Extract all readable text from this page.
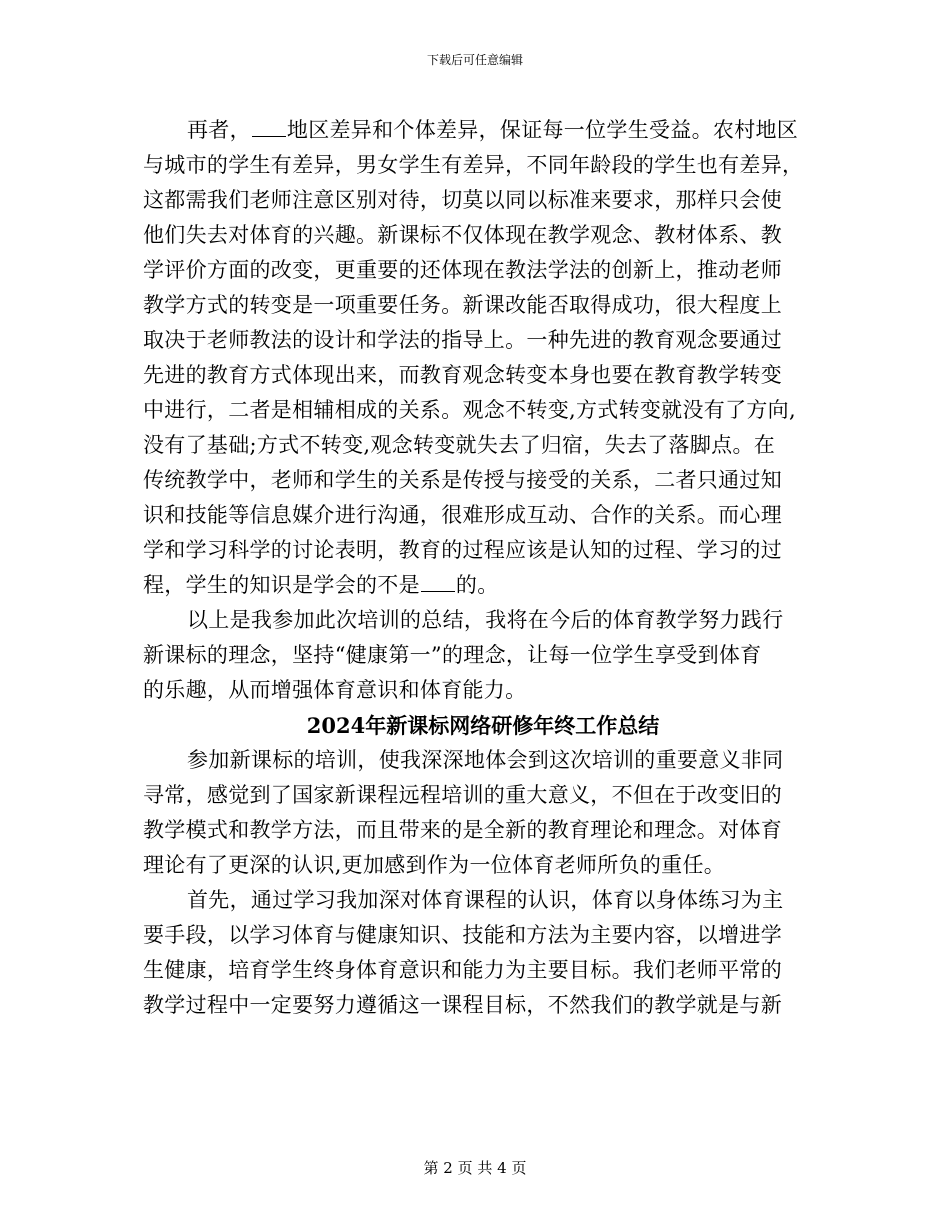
下载后可任意编辑
再者， 地区差异和个体差异，保证每一位学生受益。农村地区
与城市的学生有差异，男女学生有差异，不同年龄段的学生也有差异，
这都需我们老师注意区别对待，切莫以同以标准来要求，那样只会使
他们失去对体育的兴趣。新课标不仅体现在教学观念、教材体系、教
学评价方面的改变，更重要的还体现在教法学法的创新上，推动老师
教学方式的转变是一项重要任务。新课改能否取得成功，很大程度上
取决于老师教法的设计和学法的指导上。一种先进的教育观念要通过
先进的教育方式体现出来，而教育观念转变本身也要在教育教学转变
中进行，二者是相辅相成的关系。观念不转变,方式转变就没有了方向,
没有了基础;方式不转变,观念转变就失去了归宿，失去了落脚点。在
传统教学中，老师和学生的关系是传授与接受的关系，二者只通过知
识和技能等信息媒介进行沟通，很难形成互动、合作的关系。而心理
学和学习科学的讨论表明，教育的过程应该是认知的过程、学习的过
程，学生的知识是学会的不是 的。
以上是我参加此次培训的总结，我将在今后的体育教学努力践行
新课标的理念，坚持“健康第一”的理念，让每一位学生享受到体育
的乐趣，从而增强体育意识和体育能力。
2024年新课标网络研修年终工作总结
参加新课标的培训，使我深深地体会到这次培训的重要意义非同
寻常，感觉到了国家新课程远程培训的重大意义，不但在于改变旧的
教学模式和教学方法，而且带来的是全新的教育理论和理念。对体育
理论有了更深的认识,更加感到作为一位体育老师所负的重任。
首先，通过学习我加深对体育课程的认识，体育以身体练习为主
要手段，以学习体育与健康知识、技能和方法为主要内容，以增进学
生健康，培育学生终身体育意识和能力为主要目标。我们老师平常的
教学过程中一定要努力遵循这一课程目标，不然我们的教学就是与新
第 2 页 共 4 页
